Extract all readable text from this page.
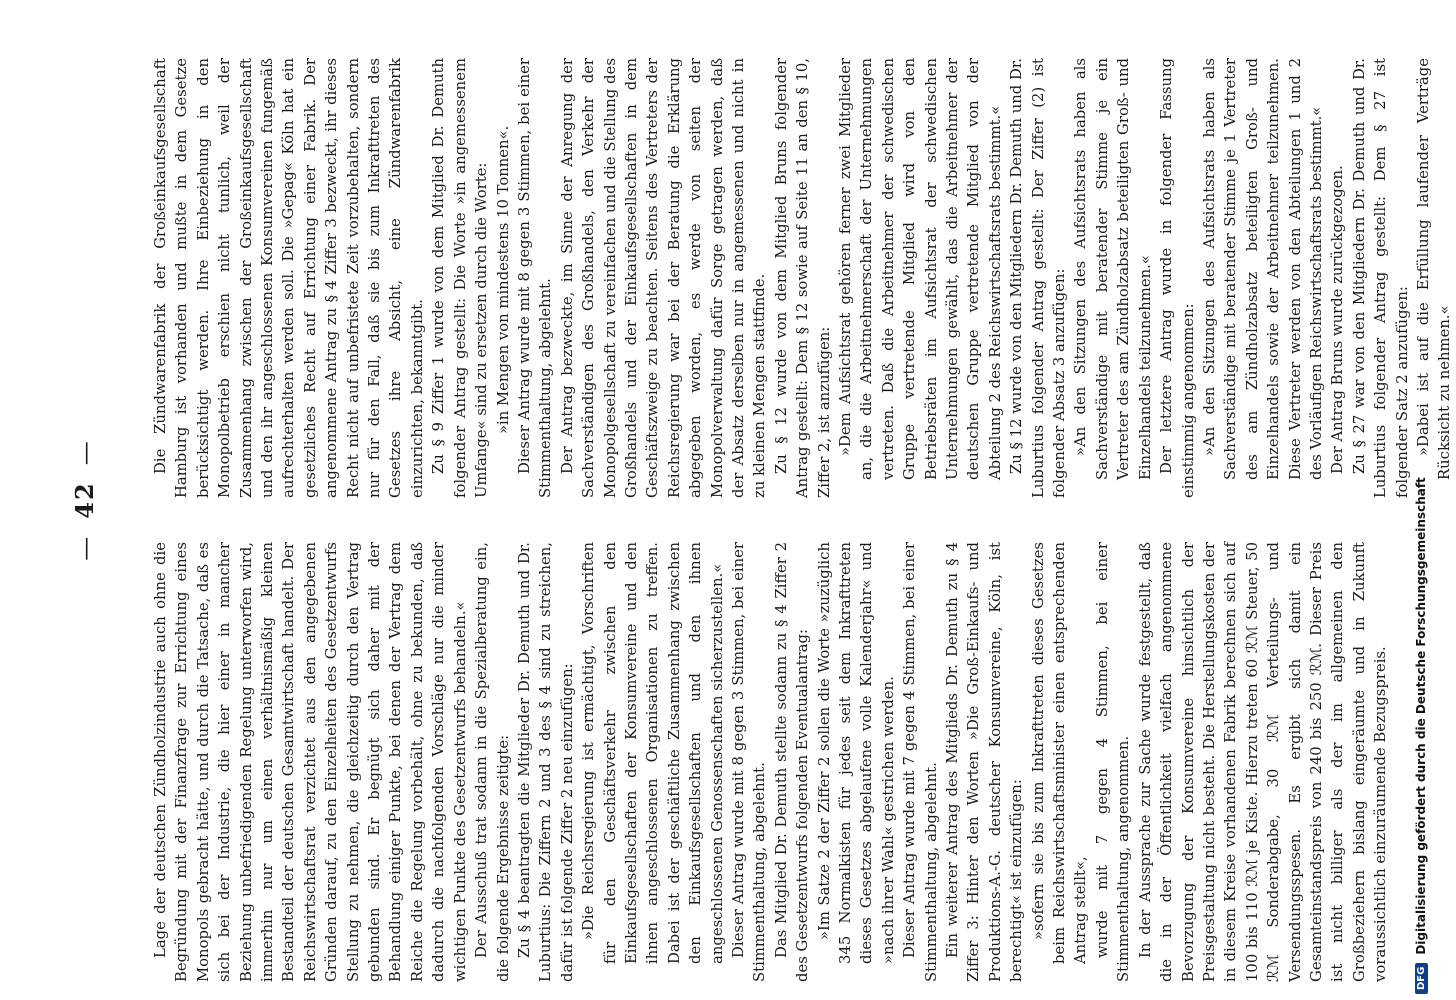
—42—

Lage der deutschen Zündholzindustrie auch ohne die Begründung mit der Finanzfrage zur Errichtung eines Monopols gebracht hätte, und durch die Tatsache, daß es sich bei der Industrie, die hier einer in mancher Beziehung unbefriedigenden Regelung unterworfen wird, immerhin nur um einen verhältnismäßig kleinen Bestandteil der deutschen Gesamtwirtschaft handelt. Der Reichswirtschaftsrat verzichtet aus den angegebenen Gründen darauf, zu den Einzelheiten des Gesetzentwurfs Stellung zu nehmen, die gleichzeitig durch den Vertrag gebunden sind. Er begnügt sich daher mit der Behandlung einiger Punkte, bei denen der Vertrag dem Reiche die Regelung vorbehält, ohne zu bekunden, daß dadurch die nachfolgenden Vorschläge nur die minder wichtigen Punkte des Gesetzentwurfs behandeln.« Der Ausschuß trat sodann in die Spezialberatung ein, die folgende Ergebnisse zeitigte: Zu § 4 beantragten die Mitglieder Dr. Demuth und Dr. Luburtius: Die Ziffern 2 und 3 des § 4 sind zu streichen, dafür ist folgende Ziffer 2 neu einzufügen: »Die Reichsregierung ist ermächtigt, Vorschriften für den Geschäftsverkehr zwischen den Einkaufsgesellschaften der Konsumvereine und den ihnen angeschlossenen Organisationen zu treffen. Dabei ist der geschäftliche Zusammenhang zwischen den Einkaufsgesellschaften und den ihnen angeschlossenen Genossenschaften sicherzustellen.« Dieser Antrag wurde mit 8 gegen 3 Stimmen, bei einer Stimmenthaltung, abgelehnt. Das Mitglied Dr. Demuth stellte sodann zu § 4 Ziffer 2 des Gesetzentwurfs folgenden Eventualantrag: »Im Satze 2 der Ziffer 2 sollen die Worte »zuzüglich 345 Normalkisten für jedes seit dem Inkrafttreten dieses Gesetzes abgelaufene volle Kalenderjahr« und »nach ihrer Wahl« gestrichen werden. Dieser Antrag wurde mit 7 gegen 4 Stimmen, bei einer Stimmenthaltung, abgelehnt. Ein weiterer Antrag des Mitglieds Dr. Demuth zu § 4 Ziffer 3: Hinter den Worten »Die Groß-Einkaufs- und Produktions-A.-G. deutscher Konsumvereine, Köln, ist berechtigt« ist einzufügen: »sofern sie bis zum Inkrafttreten dieses Gesetzes beim Reichswirtschaftsminister einen entsprechenden Antrag stellt«, wurde mit 7 gegen 4 Stimmen, bei einer Stimmenthaltung, angenommen. In der Aussprache zur Sache wurde festgestellt, daß die in der Öffentlichkeit vielfach angenommene Bevorzugung der Konsumvereine hinsichtlich der Preisgestaltung nicht besteht. Die Herstellungskosten der in diesem Kreise vorhandenen Fabrik berechnen sich auf 100 bis 110 ℛℳ je Kiste. Hierzu treten 60 ℛℳ Steuer, 50 ℛℳ Sonderabgabe, 30 ℛℳ Verteilungs- und Versendungsspesen. Es ergibt sich damit ein Gesamteinstandspreis von 240 bis 250 ℛℳ. Dieser Preis ist nicht billiger als der im allgemeinen den Großbeziehern bislang eingeräumte und in Zukunft voraussichtlich einzuräumende Bezugspreis.

Die Zündwarenfabrik der Großeinkaufsgesellschaft Hamburg ist vorhanden und mußte in dem Gesetze berücksichtigt werden. Ihre Einbeziehung in den Monopolbetrieb erschien nicht tunlich, weil der Zusammenhang zwischen der Großeinkaufsgesellschaft und den ihr angeschlossenen Konsumvereinen fungemäß aufrechterhalten werden soll. Die »Gepag« Köln hat ein gesetzliches Recht auf Errichtung einer Fabrik. Der angenommene Antrag zu § 4 Ziffer 3 bezweckt, ihr dieses Recht nicht auf unbefristete Zeit vorzubehalten, sondern nur für den Fall, daß sie bis zum Inkrafttreten des Gesetzes ihre Absicht, eine Zündwarenfabrik einzurichten, bekanntgibt. Zu § 9 Ziffer 1 wurde von dem Mitglied Dr. Demuth folgender Antrag gestellt: Die Worte »in angemessenem Umfange« sind zu ersetzen durch die Worte: »in Mengen von mindestens 10 Tonnen«. Dieser Antrag wurde mit 8 gegen 3 Stimmen, bei einer Stimmenthaltung, abgelehnt. Der Antrag bezweckte, im Sinne der Anregung der Sachverständigen des Großhandels, den Verkehr der Monopolgesellschaft zu vereinfachen und die Stellung des Großhandels und der Einkaufsgesellschaften in dem Geschäftszweige zu beachten. Seitens des Vertreters der Reichsregierung war bei der Beratung die Erklärung abgegeben worden, es werde von seiten der Monopolverwaltung dafür Sorge getragen werden, daß der Absatz derselben nur in angemessenen und nicht in zu kleinen Mengen stattfinde. Zu § 12 wurde von dem Mitglied Bruns folgender Antrag gestellt: Dem § 12 sowie auf Seite 11 an den § 10, Ziffer 2, ist anzufügen: »Dem Aufsichtsrat gehören ferner zwei Mitglieder an, die die Arbeitnehmerschaft der Unternehmungen vertreten. Daß die Arbeitnehmer der schwedischen Gruppe vertretende Mitglied wird von den Betriebsräten im Aufsichtsrat der schwedischen Unternehmungen gewählt, das die Arbeitnehmer der deutschen Gruppe vertretende Mitglied von der Abteilung 2 des Reichswirtschaftsrats bestimmt.« Zu § 12 wurde von den Mitgliedern Dr. Demuth und Dr. Luburtius folgender Antrag gestellt: Der Ziffer (2) ist folgender Absatz 3 anzufügen: »An den Sitzungen des Aufsichtsrats haben als Sachverständige mit beratender Stimme je ein Vertreter des am Zündholzabsatz beteiligten Groß- und Einzelhandels teilzunehmen.« Der letztere Antrag wurde in folgender Fassung einstimmig angenommen: »An den Sitzungen des Aufsichtsrats haben als Sachverständige mit beratender Stimme je 1 Vertreter des am Zündholzabsatz beteiligten Groß- und Einzelhandels sowie der Arbeitnehmer teilzunehmen. Diese Vertreter werden von den Abteilungen 1 und 2 des Vorläufigen Reichswirtschaftsrats bestimmt.« Der Antrag Bruns wurde zurückgezogen. Zu § 27 war von den Mitgliedern Dr. Demuth und Dr. Luburtius folgender Antrag gestellt: Dem § 27 ist folgender Satz 2 anzufügen: »Dabei ist auf die Erfüllung laufender Verträge Rücksicht zu nehmen.«

DFG
Digitalisierung gefördert durch die Deutsche Forschungsgemeinschaft
